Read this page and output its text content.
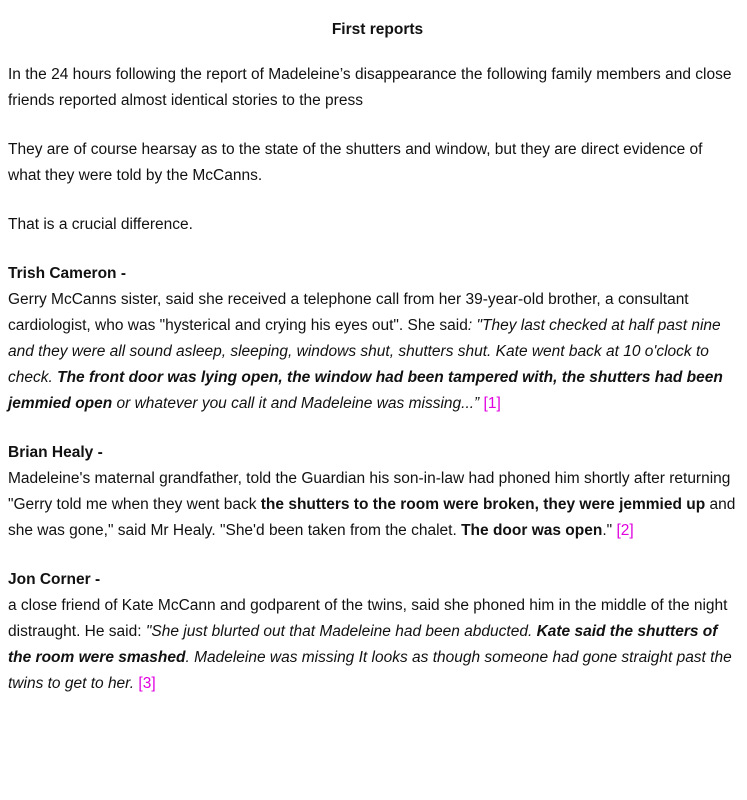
First reports

In the 24 hours following the report of Madeleine’s disappearance the following family members and close friends reported almost identical stories to the press

They are of course hearsay as to the state of the shutters and window, but they are direct evidence of what they were told by the McCanns.

That is a crucial difference.

Trish Cameron -

Gerry McCanns sister, said she received a telephone call from her 39-year-old brother, a consultant cardiologist, who was "hysterical and crying his eyes out". She said: "They last checked at half past nine and they were all sound asleep, sleeping, windows shut, shutters shut. Kate went back at 10 o'clock to check. The front door was lying open, the window had been tampered with, the shutters had been jemmied open or whatever you call it and Madeleine was missing...” [1]

Brian Healy -

Madeleine's maternal grandfather, told the Guardian his son-in-law had phoned him shortly after returning "Gerry told me when they went back the shutters to the room were broken, they were jemmied up and she was gone," said Mr Healy. "She'd been taken from the chalet. The door was open." [2]

Jon Corner -

a close friend of Kate McCann and godparent of the twins, said she phoned him in the middle of the night distraught. He said: "She just blurted out that Madeleine had been abducted. Kate said the shutters of the room were smashed. Madeleine was missing It looks as though someone had gone straight past the twins to get to her. [3]
